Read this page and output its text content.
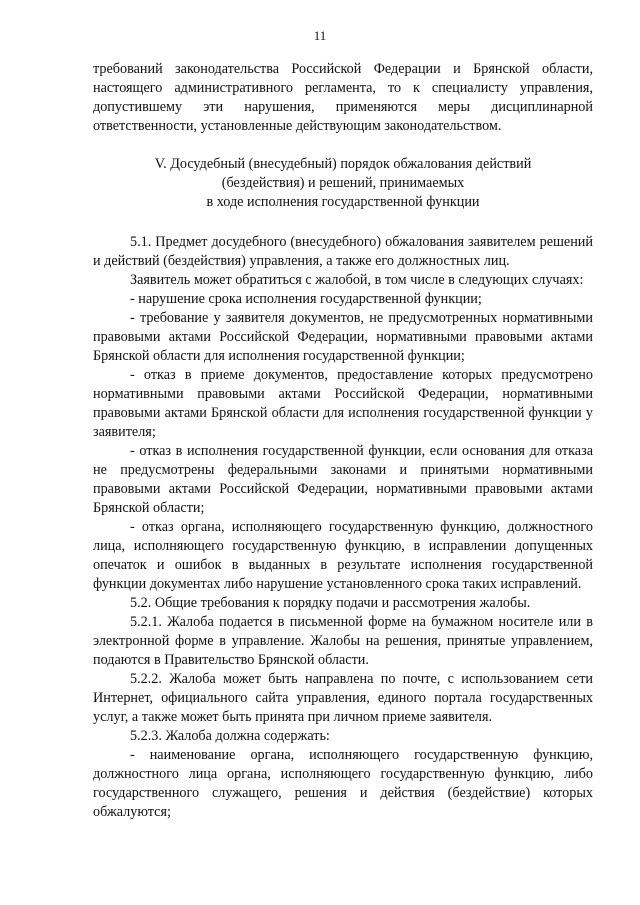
11

требований законодательства Российской Федерации и Брянской области, настоящего административного регламента, то к специалисту управления, допустившему эти нарушения, применяются меры дисциплинарной ответственности, установленные действующим законодательством.

V. Досудебный (внесудебный) порядок обжалования действий
(бездействия) и решений, принимаемых
в ходе исполнения государственной функции

5.1. Предмет досудебного (внесудебного) обжалования заявителем решений и действий (бездействия) управления, а также его должностных лиц.

Заявитель может обратиться с жалобой, в том числе в следующих случаях:

- нарушение срока исполнения государственной функции;

- требование у заявителя документов, не предусмотренных нормативными правовыми актами Российской Федерации, нормативными правовыми актами Брянской области для исполнения государственной функции;

- отказ в приеме документов, предоставление которых предусмотрено нормативными правовыми актами Российской Федерации, нормативными правовыми актами Брянской области для исполнения государственной функции у заявителя;

- отказ в исполнения государственной функции, если основания для отказа не предусмотрены федеральными законами и принятыми нормативными правовыми актами Российской Федерации, нормативными правовыми актами Брянской области;

- отказ органа, исполняющего государственную функцию, должностного лица, исполняющего государственную функцию, в исправлении допущенных опечаток и ошибок в выданных в результате исполнения государственной функции документах либо нарушение установленного срока таких исправлений.

5.2. Общие требования к порядку подачи и рассмотрения жалобы.

5.2.1. Жалоба подается в письменной форме на бумажном носителе или в электронной форме в управление. Жалобы на решения, принятые управлением, подаются в Правительство Брянской области.

5.2.2. Жалоба может быть направлена по почте, с использованием сети Интернет, официального сайта управления, единого портала государственных услуг, а также может быть принята при личном приеме заявителя.

5.2.3. Жалоба должна содержать:

- наименование органа, исполняющего государственную функцию, должностного лица органа, исполняющего государственную функцию, либо государственного служащего, решения и действия (бездействие) которых обжалуются;
